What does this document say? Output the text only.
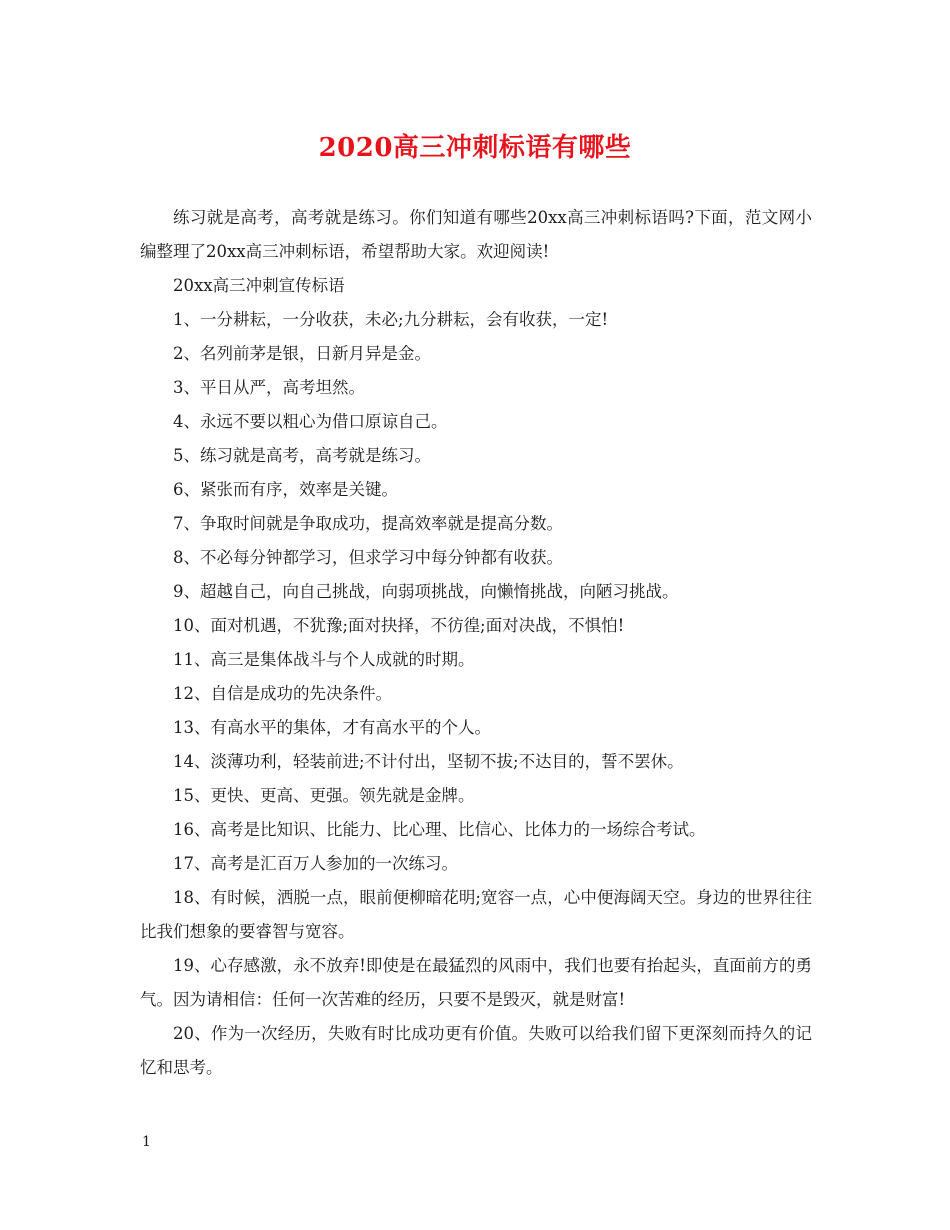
2020高三冲刺标语有哪些

练习就是高考，高考就是练习。你们知道有哪些20xx高三冲刺标语吗?下面，范文网小编整理了20xx高三冲刺标语，希望帮助大家。欢迎阅读!

20xx高三冲刺宣传标语

1、一分耕耘，一分收获，未必;九分耕耘，会有收获，一定!

2、名列前茅是银，日新月异是金。

3、平日从严，高考坦然。

4、永远不要以粗心为借口原谅自己。

5、练习就是高考，高考就是练习。

6、紧张而有序，效率是关键。

7、争取时间就是争取成功，提高效率就是提高分数。

8、不必每分钟都学习，但求学习中每分钟都有收获。

9、超越自己，向自己挑战，向弱项挑战，向懒惰挑战，向陋习挑战。

10、面对机遇，不犹豫;面对抉择，不彷徨;面对决战，不惧怕!

11、高三是集体战斗与个人成就的时期。

12、自信是成功的先决条件。

13、有高水平的集体，才有高水平的个人。

14、淡薄功利，轻装前进;不计付出，坚韧不拔;不达目的，誓不罢休。

15、更快、更高、更强。领先就是金牌。

16、高考是比知识、比能力、比心理、比信心、比体力的一场综合考试。

17、高考是汇百万人参加的一次练习。

18、有时候，洒脱一点，眼前便柳暗花明;宽容一点，心中便海阔天空。身边的世界往往比我们想象的要睿智与宽容。

19、心存感激，永不放弃!即使是在最猛烈的风雨中，我们也要有抬起头，直面前方的勇气。因为请相信：任何一次苦难的经历，只要不是毁灭，就是财富!

20、作为一次经历，失败有时比成功更有价值。失败可以给我们留下更深刻而持久的记忆和思考。

1
